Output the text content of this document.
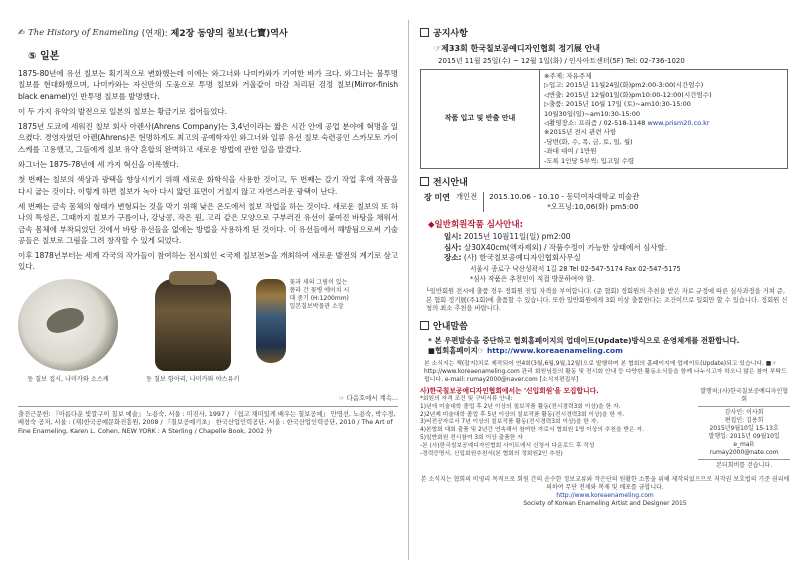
✍ The History of Enameling (연재): 제2장 동양의 칠보(七寶)역사
⑤ 일본

1875-80년에 유선 칠보는 획기적으로 변화했는데 이에는 와그너와 나미카와가 기여한 바가 크다. 와그너는 불투명 칠보를 현대화했으며, 나미카와는 자신만의 도움으로 투명 칠보와 거울같이 마감 처리된 검정 칠보(Mirror-finish black enamel)인 반투명 칠보를 발명했다.

이 두 가지 유약의 발전으로 일본의 칠보는 황금기로 접어들었다.

1875년 도쿄에 세워진 칠보 회사 아렌사(Ahrens Company)는 3,4년이라는 짧은 시간 안에 공업 분야에 혁명을 일으켰다. 경영자였던 아렌(Ahrens)은 현명하게도 최고의 공예학자인 와그너와 일류 유선 칠보 숙련공인 스카모토 가이스케를 고용했고, 그들에게 칠보 유약 혼합의 완벽하고 새로운 방법에 관한 일을 맡겼다.

와그너는 1875-78년에 세 가지 혁신을 이룩했다.

첫 번째는 칠보의 색상과 광택을 향상시키기 위해 새로운 화학식을 사용한 것이고, 두 번째는 갈기 작업 후에 작품을 다시 굽는 것이다. 이렇게 하면 칠보가 녹아 다시 얇던 표면이 거칠지 않고 자연스러운 광택이 난다.

세 번째는 금속 몸체의 형태가 변형되는 것을 막기 위해 낮은 온도에서 칠보 작업을 하는 것이다. 새로운 칠보의 또 하나의 특성은, 그때까지 칠보가 구름이나, 강낭콩, 작은 원, 고리 같은 모양으로 구부러진 유선이 붙여진 바탕을 채워서 금속 몸체에 부착되었던 것에서 바탕 유선들을 없애는 방법을 사용하게 된 것이다. 이 유선들에서 해방됨으로써 기술공들은 칠보로 그림을 그려 창작할 수 있게 되었다.

이후 1878년부터는 세계 각국의 작가들이 참여하는 전시회인 <국제 칠보전>을 개최하여 새로운 발전의 계기로 삼고 있다.

동 칠보 접시, 나미카와 소스케	동 칠보 항아리, 나미카와 야스유키
꽃과 새의 그림이 있는 폼라 간 꽃병 에이치 시대 중기 (H:1200mm) 일본칠보박물관 소장
☞ 다음호에서 계속...
출전근문헌: 『아름다운 빛깔구이 칠보 예술』 노용숙, 서울 : 미진사, 1997 / 『쉽고 재미있게 배우는 칠보공예』 안영선, 노용숙, 박수경, 배창숙 공저, 서울 : (재)한국공예문화진흥원, 2008 / 『칠보공예기초』 한국산업인력공단, 서울 : 한국산업인력공단, 2010 / The Art of Fine Enameling, Karen L. Cohen, NEW YORK : A Sterling / Chapelle Book, 2002 外
공지사항
☞제33회 한국칠보공예디자인협회 정기展 안내
2015년 11월 25일(수) ~ 12월 1일(화) / 인사아트센터(5F) Tel: 02-736-1020
작품 입고 및 반출 안내	
※주제: 자유주제
▷입고: 2015년 11월24일(화)pm2:00-3:00(시간엄수)
◁반출: 2015년 12월01일(화)pm10:00-12:00(시간엄수)
▷출품: 2015년 10월 17일 (토)~am10:30-15:00
10월30일(일)~am10:30-15:00
◁촬영장소: 프리즘 / 02-518-1148 www.prism20.co.kr
※2015년 전시 관련 사항
-당번(화, 수, 목, 금, 토, 일, 월)
-좌대 대여 / 1만원
-도록 1인당 5부씩: 입고일 수령
전시안내
장 미연 개인전 2015.10.06 - 10.10 - 동덕여자대학교 미술관
*오프닝:10,06(화) pm5:00
◆일반회원작품 심사안내:
일시: 2015년 10월11일(일) pm2:00
심사: 살30X40cm(액자제외) / 작품수정이 가능한 상태에서 심사함.
장소: (사) 한국칠보공예디자인협회사무실
서울시 종로구 낙산성곽서 1길 28 Tel 02-547-5174 Fax 02-547-5175
*심사 작품은 추천인이 직접 방문하여야 함.
└일반회원 전시에 출품 경우 정회원 진입 자격을 부여합니다. (준 협회) 정회원의 추천을 받은 자로 규정에 따른 심사과정을 거쳐 준, 본 협회 정기展(주1회)에 출품할 수 있습니다. 또한 일반회원에게 3회 이상 출품한다는 조건이므로 일회만 할 수 있습니다. 정회원 신청의 최소 추천을 바랍니다.
안내말씀
* 본 우편발송을 중단하고 협회홈페이지의 업데이트(Update)방식으로 운영체계를 전환합니다.
■협회홈페이지☞ http://www.koreaenameling.com
본 소식지는 책(잡지)치로 제작되어 연4회(3월,6월,9월,12월)으로 발행하며 본 협회의 홈페이지에 업데이트(Update)되고 있습니다. ■☞ http://www.koreaenameling.com 관리 회원님들의 활동 및 전시회 안내 등 다양한 활동소식들을 함께 나누시고자 하오니 많은 참여 부탁드립니다. e-mail: rumay2000@naver.com [소식지편집부]
사)한국칠보공예디자인협회에서는 '신입회원'을 모집합니다.
*회원의 자격 조건 및 구비서류 안내:
1)년에 미술대학 졸업 후 2년 이상의 칠보작품 활동(전시경력3회 이상)을 한 자.
2)2년제 미술대학 졸업 후 5년 이상의 칠보작품 활동(전시경력3회 이상)을 한 자.
3)비전공자로서 7년 이상의 칠보작품 활동(전시경력3회 이상)을 한 자.
4)본협회 대회 출품 및 2년간 연속해서 참여한 자로서 협회원 1명 이상의 추천을 받은 자.
5)일반회원 전시참여 3회 이상 출품한 자
-본 (사)한국칠보공예디자인협회 사이트에서 신청서 다운로드 후 작성
-경력증명서, 신입회원추천서(본 협회의 정회원2인 추천)
발행처:(사)한국칠보공예디자인협회
감사인: 이사회
편집인: 김용희
2015년9월10일 15-13호
발행일: 2015년 09월10일
e_mail: rumay2000@nate.com
본더회비를 걷습니다.
본 소식지는 협회의 비영리 목적으로 회원 간의 순수한 정보교류와 작은단의 원활한 소통을 위해 제작되었으므로 저작권 보호법의 기준 권리에 의하여 무단 전재와 복제 및 배포를 금합니다.
http://www.koreaenameling.com
Society of Korean Enameling Artist and Designer 2015
